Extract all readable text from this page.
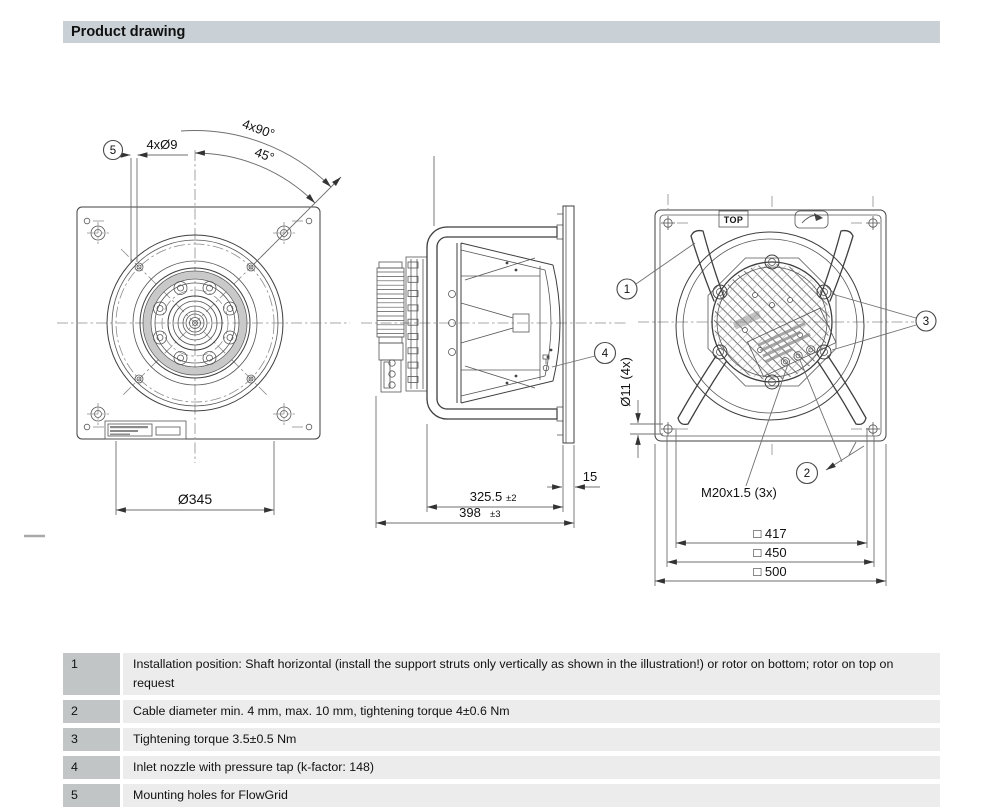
Product drawing
4x90°
45°
4xØ9
5
Ø345
4
15
325.5 ±2
398 ±3
TOP
1
3
2
M20x1.5 (3x)
Ø11 (4x)
□ 417
□ 450
□ 500
1	Installation position: Shaft horizontal (install the support struts only vertically as shown in the illustration!) or rotor on bottom; rotor on top on request
2	Cable diameter min. 4 mm, max. 10 mm, tightening torque 4±0.6 Nm
3	Tightening torque 3.5±0.5 Nm
4	Inlet nozzle with pressure tap (k-factor: 148)
5	Mounting holes for FlowGrid
